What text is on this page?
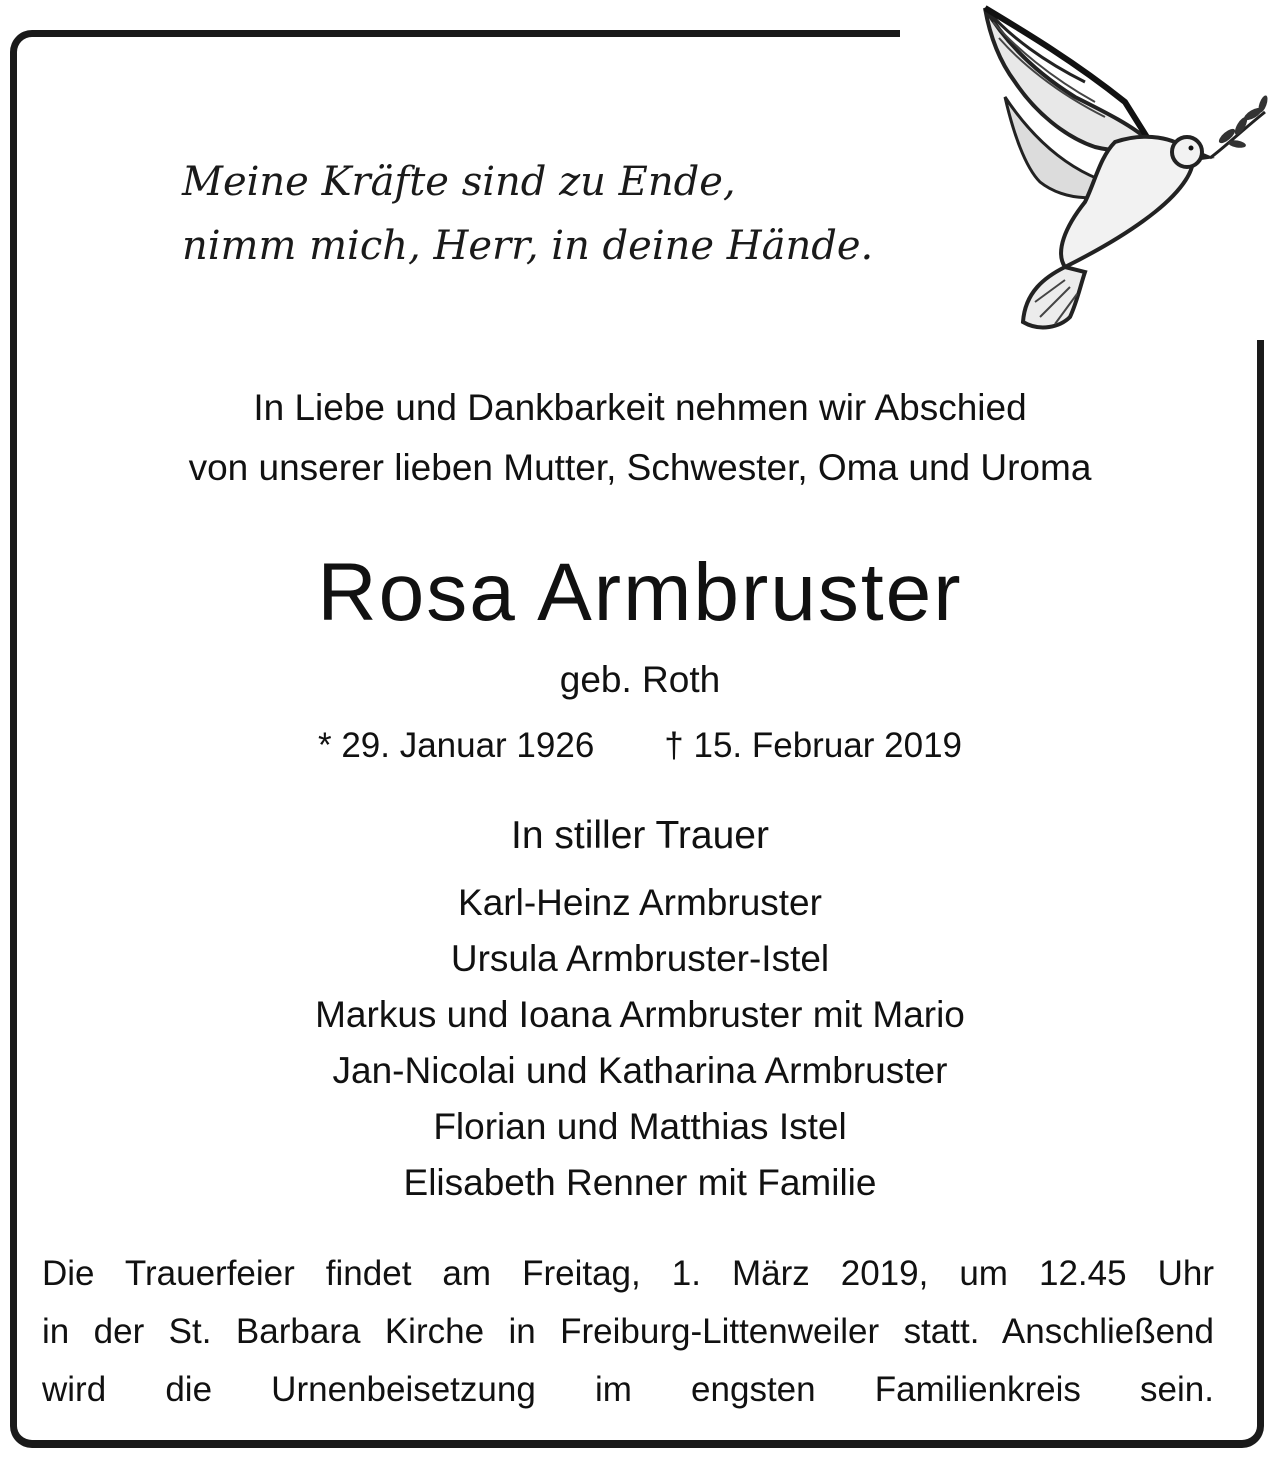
Meine Kräfte sind zu Ende,
nimm mich, Herr, in deine Hände.
In Liebe und Dankbarkeit nehmen wir Abschied
von unserer lieben Mutter, Schwester, Oma und Uroma
Rosa Armbruster
geb. Roth
* 29. Januar 1926 † 15. Februar 2019
In stiller Trauer
Karl-Heinz Armbruster
Ursula Armbruster-Istel
Markus und Ioana Armbruster mit Mario
Jan-Nicolai und Katharina Armbruster
Florian und Matthias Istel
Elisabeth Renner mit Familie
Die Trauerfeier findet am Freitag, 1. März 2019, um 12.45 Uhr
in der St. Barbara Kirche in Freiburg-Littenweiler statt. Anschließend
wird die Urnenbeisetzung im engsten Familienkreis sein.
